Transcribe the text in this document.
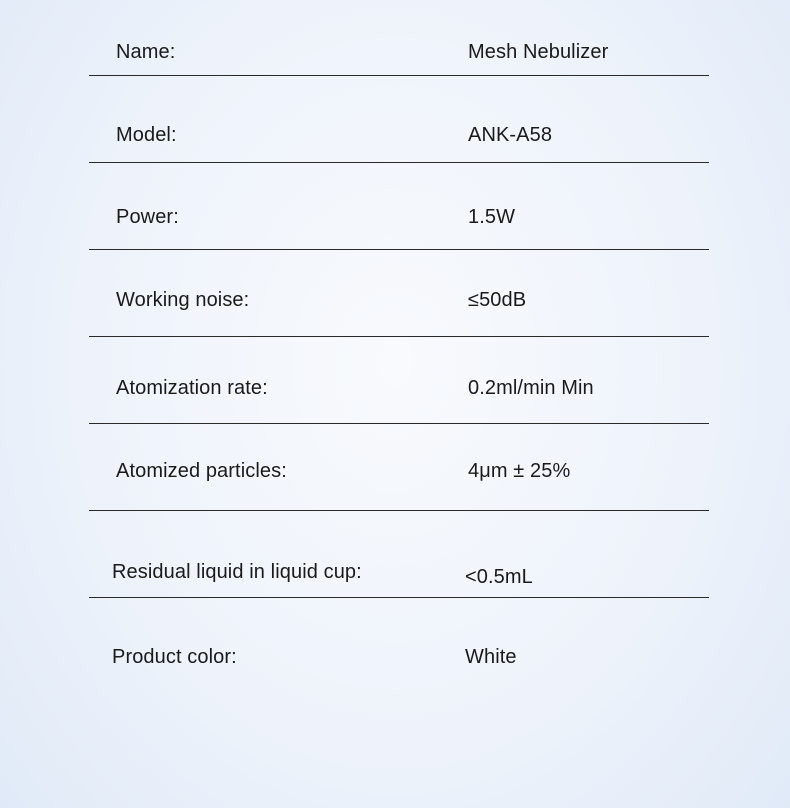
Name:	Mesh Nebulizer
Model:	ANK-A58
Power:	1.5W
Working noise:	≤50dB
Atomization rate:	0.2ml/min Min
Atomized particles:	4μm ± 25%
Residual liquid in liquid cup:	<0.5mL
Product color:	White
